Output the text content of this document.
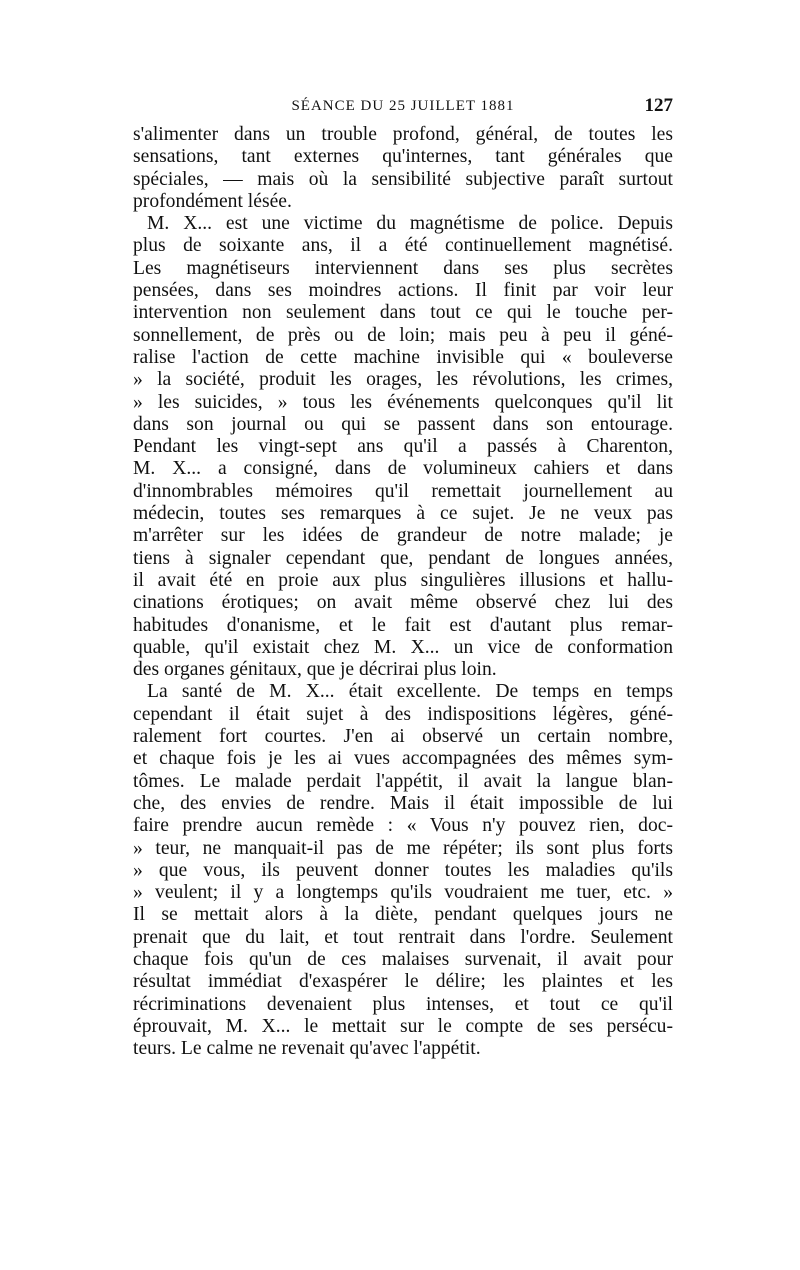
SÉANCE DU 25 JUILLET 1881	127
s'alimenter dans un trouble profond, général, de toutes les
sensations, tant externes qu'internes, tant générales que
spéciales, — mais où la sensibilité subjective paraît surtout
profondément lésée.
M. X... est une victime du magnétisme de police. Depuis
plus de soixante ans, il a été continuellement magnétisé.
Les magnétiseurs interviennent dans ses plus secrètes
pensées, dans ses moindres actions. Il finit par voir leur
intervention non seulement dans tout ce qui le touche per-
sonnellement, de près ou de loin; mais peu à peu il géné-
ralise l'action de cette machine invisible qui « bouleverse
» la société, produit les orages, les révolutions, les crimes,
» les suicides, » tous les événements quelconques qu'il lit
dans son journal ou qui se passent dans son entourage.
Pendant les vingt-sept ans qu'il a passés à Charenton,
M. X... a consigné, dans de volumineux cahiers et dans
d'innombrables mémoires qu'il remettait journellement au
médecin, toutes ses remarques à ce sujet. Je ne veux pas
m'arrêter sur les idées de grandeur de notre malade; je
tiens à signaler cependant que, pendant de longues années,
il avait été en proie aux plus singulières illusions et hallu-
cinations érotiques; on avait même observé chez lui des
habitudes d'onanisme, et le fait est d'autant plus remar-
quable, qu'il existait chez M. X... un vice de conformation
des organes génitaux, que je décrirai plus loin.
La santé de M. X... était excellente. De temps en temps
cependant il était sujet à des indispositions légères, géné-
ralement fort courtes. J'en ai observé un certain nombre,
et chaque fois je les ai vues accompagnées des mêmes sym-
tômes. Le malade perdait l'appétit, il avait la langue blan-
che, des envies de rendre. Mais il était impossible de lui
faire prendre aucun remède : « Vous n'y pouvez rien, doc-
» teur, ne manquait-il pas de me répéter; ils sont plus forts
» que vous, ils peuvent donner toutes les maladies qu'ils
» veulent; il y a longtemps qu'ils voudraient me tuer, etc. »
Il se mettait alors à la diète, pendant quelques jours ne
prenait que du lait, et tout rentrait dans l'ordre. Seulement
chaque fois qu'un de ces malaises survenait, il avait pour
résultat immédiat d'exaspérer le délire; les plaintes et les
récriminations devenaient plus intenses, et tout ce qu'il
éprouvait, M. X... le mettait sur le compte de ses persécu-
teurs. Le calme ne revenait qu'avec l'appétit.
